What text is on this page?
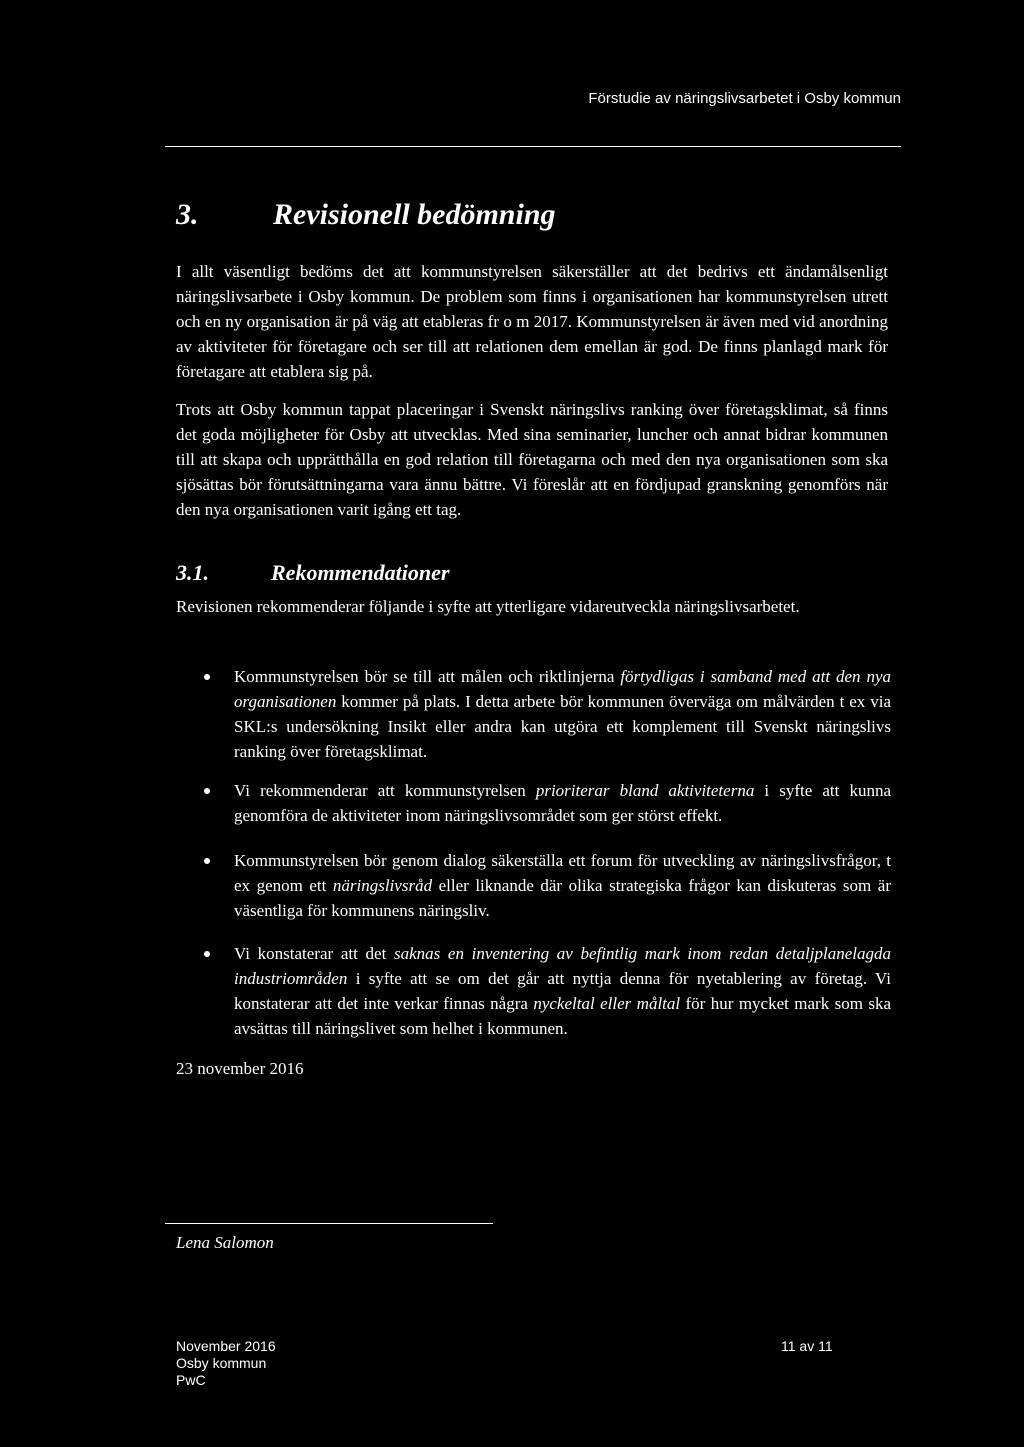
Förstudie av näringslivsarbetet i Osby kommun
3. Revisionell bedömning

I allt väsentligt bedöms det att kommunstyrelsen säkerställer att det bedrivs ett ändamålsenligt näringslivsarbete i Osby kommun. De problem som finns i organisationen har kommunstyrelsen utrett och en ny organisation är på väg att etableras fr o m 2017. Kommunstyrelsen är även med vid anordning av aktiviteter för företagare och ser till att relationen dem emellan är god. De finns planlagd mark för företagare att etablera sig på.

Trots att Osby kommun tappat placeringar i Svenskt näringslivs ranking över företagsklimat, så finns det goda möjligheter för Osby att utvecklas. Med sina seminarier, luncher och annat bidrar kommunen till att skapa och upprätthålla en god relation till företagarna och med den nya organisationen som ska sjösättas bör förutsättningarna vara ännu bättre. Vi föreslår att en fördjupad granskning genomförs när den nya organisationen varit igång ett tag.

3.1.	Rekommendationer

Revisionen rekommenderar följande i syfte att ytterligare vidareutveckla näringslivsarbetet.

Kommunstyrelsen bör se till att målen och riktlinjerna förtydligas i samband med att den nya organisationen kommer på plats. I detta arbete bör kommunen överväga om målvärden t ex via SKL:s undersökning Insikt eller andra kan utgöra ett komplement till Svenskt näringslivs ranking över företagsklimat.

Vi rekommenderar att kommunstyrelsen prioriterar bland aktiviteterna i syfte att kunna genomföra de aktiviteter inom näringslivsområdet som ger störst effekt.

Kommunstyrelsen bör genom dialog säkerställa ett forum för utveckling av näringslivsfrågor, t ex genom ett näringslivsråd eller liknande där olika strategiska frågor kan diskuteras som är väsentliga för kommunens näringsliv.

Vi konstaterar att det saknas en inventering av befintlig mark inom redan detaljplanelagda industriområden i syfte att se om det går att nyttja denna för nyetablering av företag. Vi konstaterar att det inte verkar finnas några nyckeltal eller måltal för hur mycket mark som ska avsättas till näringslivet som helhet i kommunen.

23 november 2016
Lena Salomon
November 2016
Osby kommun
PwC
11 av 11
